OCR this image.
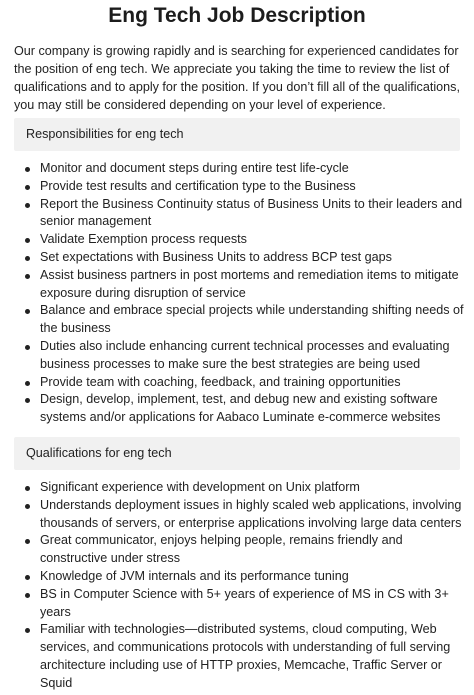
Eng Tech Job Description

Our company is growing rapidly and is searching for experienced candidates for the position of eng tech. We appreciate you taking the time to review the list of qualifications and to apply for the position. If you don’t fill all of the qualifications, you may still be considered depending on your level of experience.

Responsibilities for eng tech
Monitor and document steps during entire test life-cycle
Provide test results and certification type to the Business
Report the Business Continuity status of Business Units to their leaders and senior management
Validate Exemption process requests
Set expectations with Business Units to address BCP test gaps
Assist business partners in post mortems and remediation items to mitigate exposure during disruption of service
Balance and embrace special projects while understanding shifting needs of the business
Duties also include enhancing current technical processes and evaluating business processes to make sure the best strategies are being used
Provide team with coaching, feedback, and training opportunities
Design, develop, implement, test, and debug new and existing software systems and/or applications for Aabaco Luminate e-commerce websites
Qualifications for eng tech
Significant experience with development on Unix platform
Understands deployment issues in highly scaled web applications, involving thousands of servers, or enterprise applications involving large data centers
Great communicator, enjoys helping people, remains friendly and constructive under stress
Knowledge of JVM internals and its performance tuning
BS in Computer Science with 5+ years of experience of MS in CS with 3+ years
Familiar with technologies—distributed systems, cloud computing, Web services, and communications protocols with understanding of full serving architecture including use of HTTP proxies, Memcache, Traffic Server or Squid
